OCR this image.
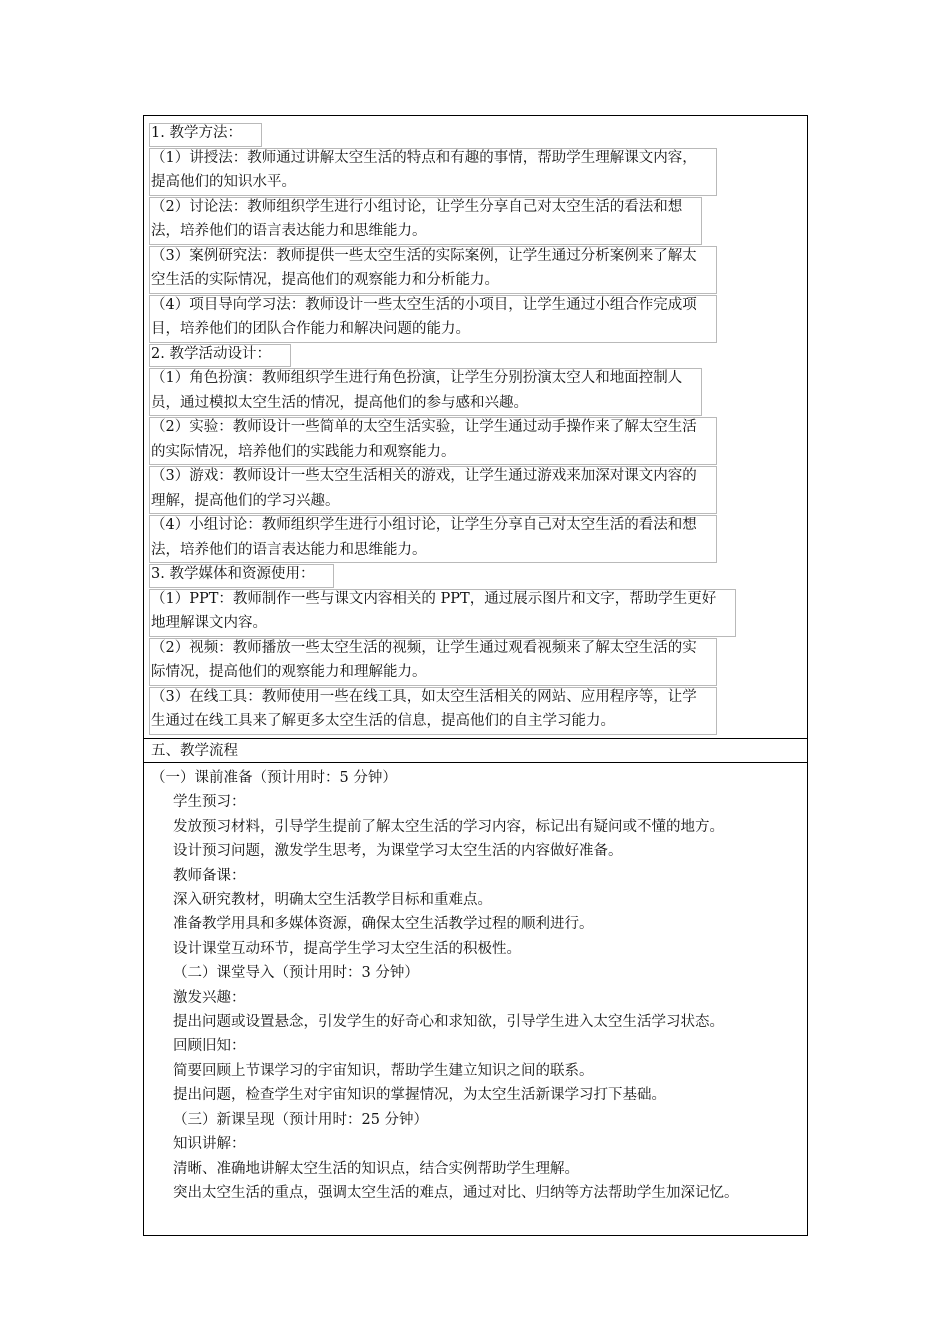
1. 教学方法：

（1）讲授法：教师通过讲解太空生活的特点和有趣的事情，帮助学生理解课文内容，

提高他们的知识水平。

（2）讨论法：教师组织学生进行小组讨论，让学生分享自己对太空生活的看法和想

法，培养他们的语言表达能力和思维能力。

（3）案例研究法：教师提供一些太空生活的实际案例，让学生通过分析案例来了解太

空生活的实际情况，提高他们的观察能力和分析能力。

（4）项目导向学习法：教师设计一些太空生活的小项目，让学生通过小组合作完成项

目，培养他们的团队合作能力和解决问题的能力。

2. 教学活动设计：

（1）角色扮演：教师组织学生进行角色扮演，让学生分别扮演太空人和地面控制人

员，通过模拟太空生活的情况，提高他们的参与感和兴趣。

（2）实验：教师设计一些简单的太空生活实验，让学生通过动手操作来了解太空生活

的实际情况，培养他们的实践能力和观察能力。

（3）游戏：教师设计一些太空生活相关的游戏，让学生通过游戏来加深对课文内容的

理解，提高他们的学习兴趣。

（4）小组讨论：教师组织学生进行小组讨论，让学生分享自己对太空生活的看法和想

法，培养他们的语言表达能力和思维能力。

3. 教学媒体和资源使用：

（1）PPT：教师制作一些与课文内容相关的 PPT，通过展示图片和文字，帮助学生更好

地理解课文内容。

（2）视频：教师播放一些太空生活的视频，让学生通过观看视频来了解太空生活的实

际情况，提高他们的观察能力和理解能力。

（3）在线工具：教师使用一些在线工具，如太空生活相关的网站、应用程序等，让学

生通过在线工具来了解更多太空生活的信息，提高他们的自主学习能力。

五、教学流程

（一）课前准备（预计用时：5 分钟）

学生预习：

发放预习材料，引导学生提前了解太空生活的学习内容，标记出有疑问或不懂的地方。

设计预习问题，激发学生思考，为课堂学习太空生活的内容做好准备。

教师备课：

深入研究教材，明确太空生活教学目标和重难点。

准备教学用具和多媒体资源，确保太空生活教学过程的顺利进行。

设计课堂互动环节，提高学生学习太空生活的积极性。

（二）课堂导入（预计用时：3 分钟）

激发兴趣：

提出问题或设置悬念，引发学生的好奇心和求知欲，引导学生进入太空生活学习状态。

回顾旧知：

简要回顾上节课学习的宇宙知识，帮助学生建立知识之间的联系。

提出问题，检查学生对宇宙知识的掌握情况，为太空生活新课学习打下基础。

（三）新课呈现（预计用时：25 分钟）

知识讲解：

清晰、准确地讲解太空生活的知识点，结合实例帮助学生理解。

突出太空生活的重点，强调太空生活的难点，通过对比、归纳等方法帮助学生加深记忆。
